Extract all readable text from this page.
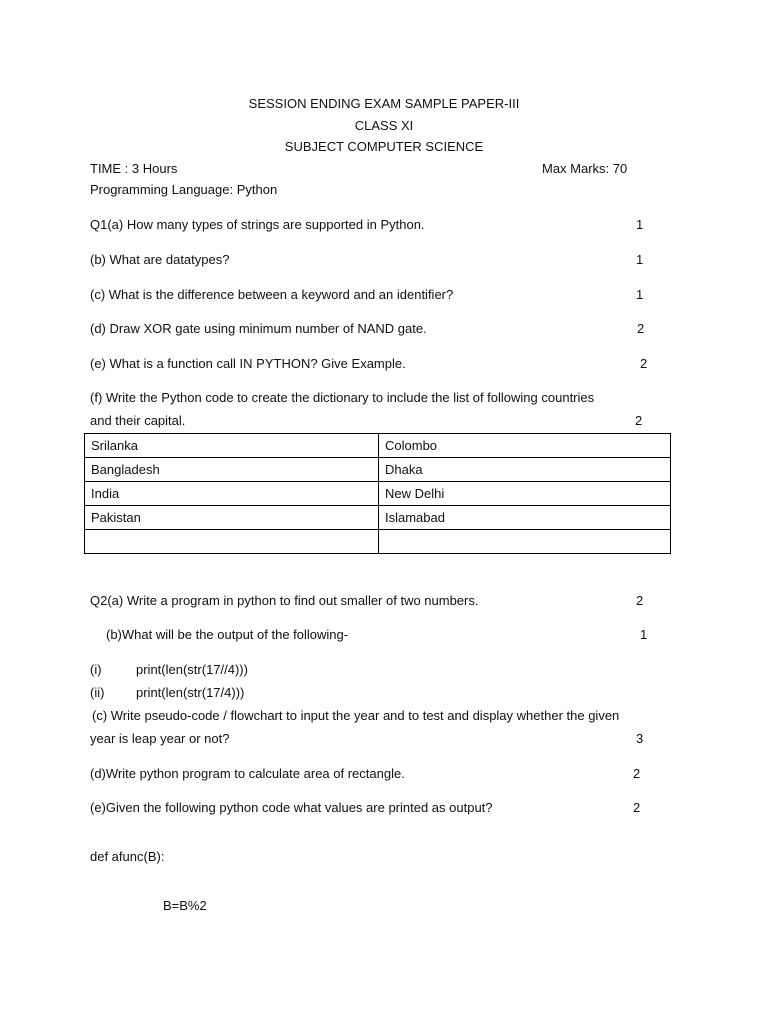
SESSION ENDING EXAM SAMPLE PAPER-III
CLASS XI
SUBJECT COMPUTER SCIENCE
TIME : 3 Hours	Max Marks: 70
Programming Language: Python
Q1(a) How many types of strings are supported in Python.	1
(b) What are datatypes?	1
(c) What is the difference between a keyword and an identifier?	1
(d) Draw XOR gate using minimum number of NAND gate.	2
(e) What is a function call IN PYTHON? Give Example.	2
(f) Write the Python code to create the dictionary to include the list of following countries
and their capital.	2
Srilanka	Colombo
Bangladesh	Dhaka
India	New Delhi
Pakistan	Islamabad

Q2(a) Write a program in python to find out smaller of two numbers.	2
(b)What will be the output of the following-	1
(i)	print(len(str(17//4)))
(ii) print(len(str(17/4)))
(c) Write pseudo-code / flowchart to input the year and to test and display whether the given
year is leap year or not?	3
(d)Write python program to calculate area of rectangle.	2
(e)Given the following python code what values are printed as output?	2
def afunc(B):
B=B%2
